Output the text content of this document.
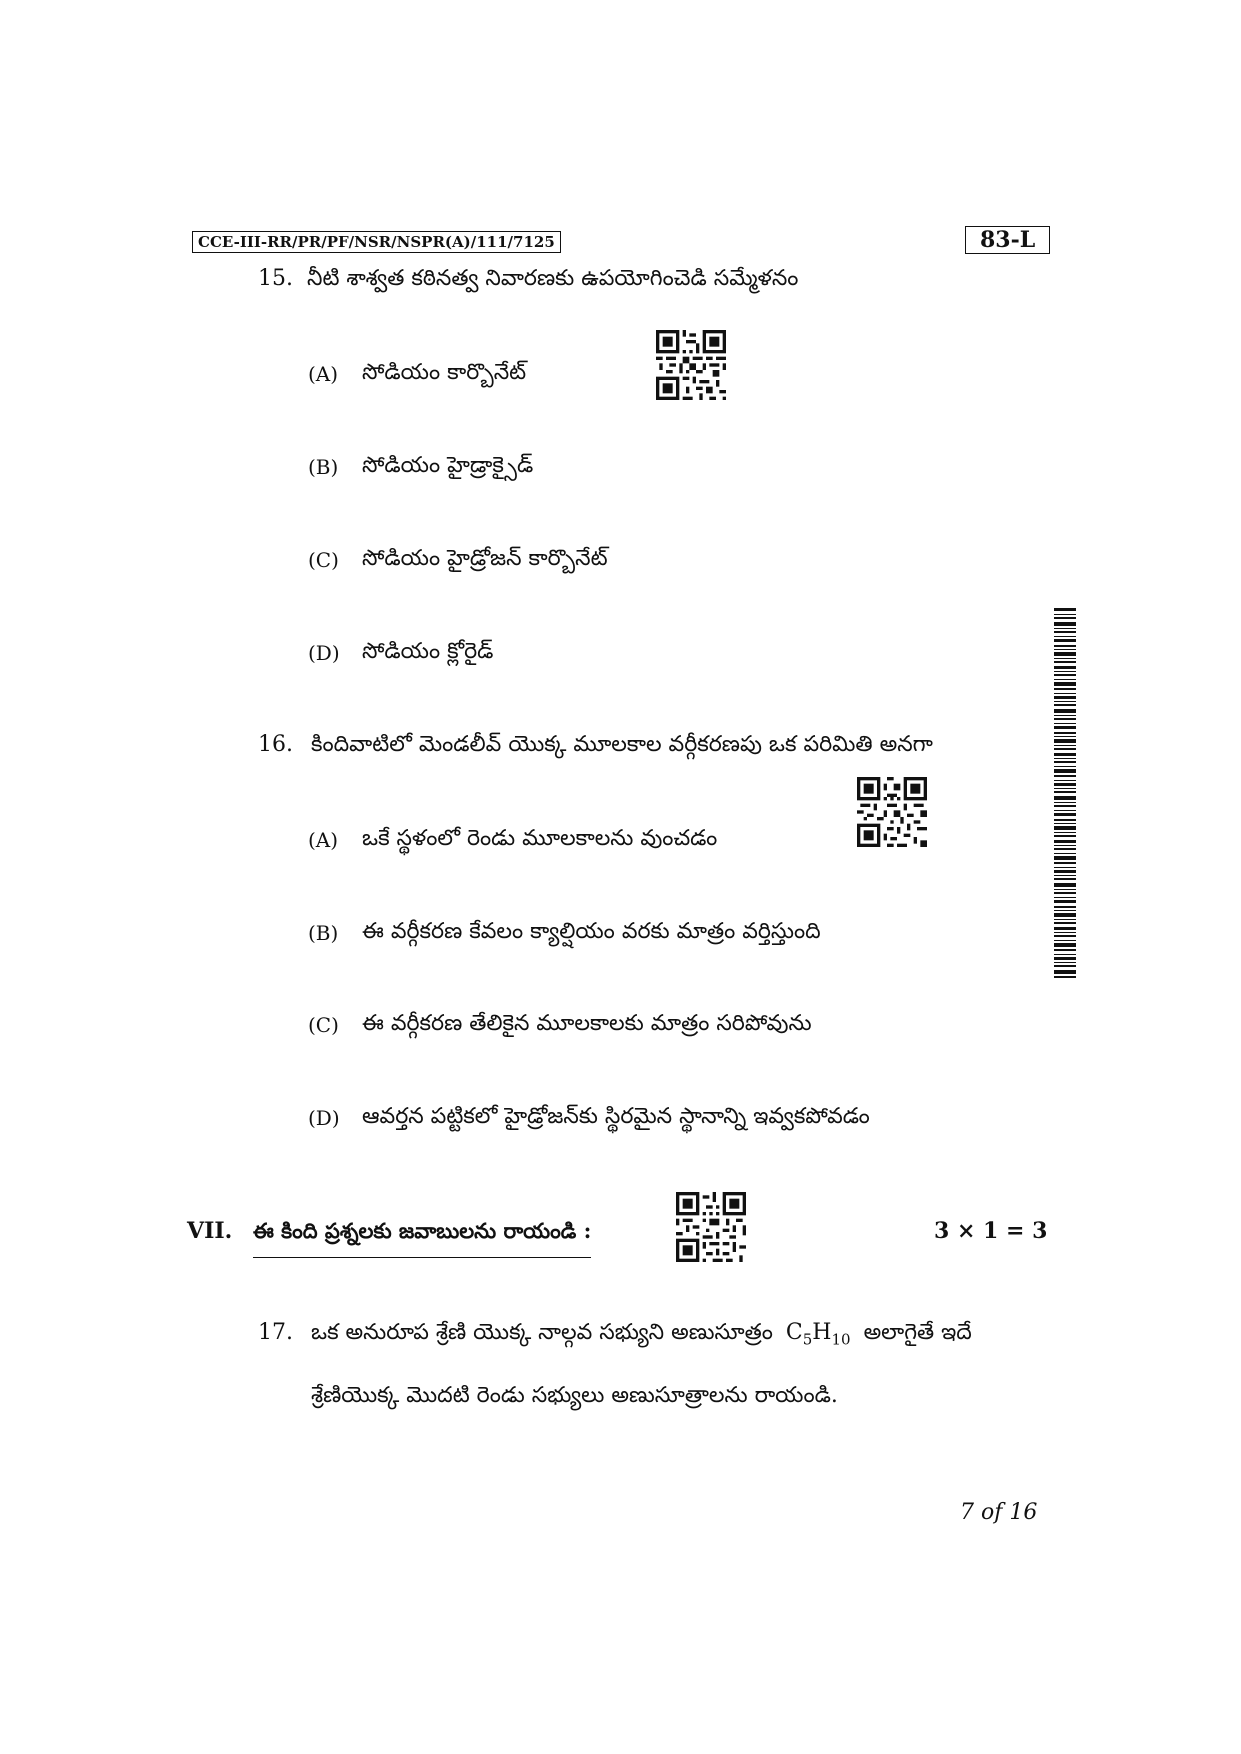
CCE-III-RR/PR/PF/NSR/NSPR(A)/111/7125	83-L
15. నీటి శాశ్వత కఠినత్వ నివారణకు ఉపయోగించెడి సమ్మేళనం
(A) సోడియం కార్బొనేట్
(B) సోడియం హైడ్రాక్సైడ్
(C) సోడియం హైడ్రోజన్ కార్బొనేట్
(D) సోడియం క్లోరైడ్
16. కిందివాటిలో మెండలీవ్ యొక్క మూలకాల వర్గీకరణపు ఒక పరిమితి అనగా
(A) ఒకే స్థళంలో రెండు మూలకాలను వుంచడం
(B) ఈ వర్గీకరణ కేవలం క్యాల్షియం వరకు మాత్రం వర్తిస్తుంది
(C) ఈ వర్గీకరణ తేలికైన మూలకాలకు మాత్రం సరిపోవును
(D) ఆవర్తన పట్టికలో హైడ్రోజన్‌కు స్థిరమైన స్థానాన్ని ఇవ్వకపోవడం
VII. ఈ కింది ప్రశ్నలకు జవాబులను రాయండి :	3 × 1 = 3
17. ఒక అనురూప శ్రేణి యొక్క నాల్గవ సభ్యుని అణుసూత్రం $C_5H_{10}$ అలాగైతే ఇదే
శ్రేణియొక్క మొదటి రెండు సభ్యులు అణుసూత్రాలను రాయండి.
7 of 16
